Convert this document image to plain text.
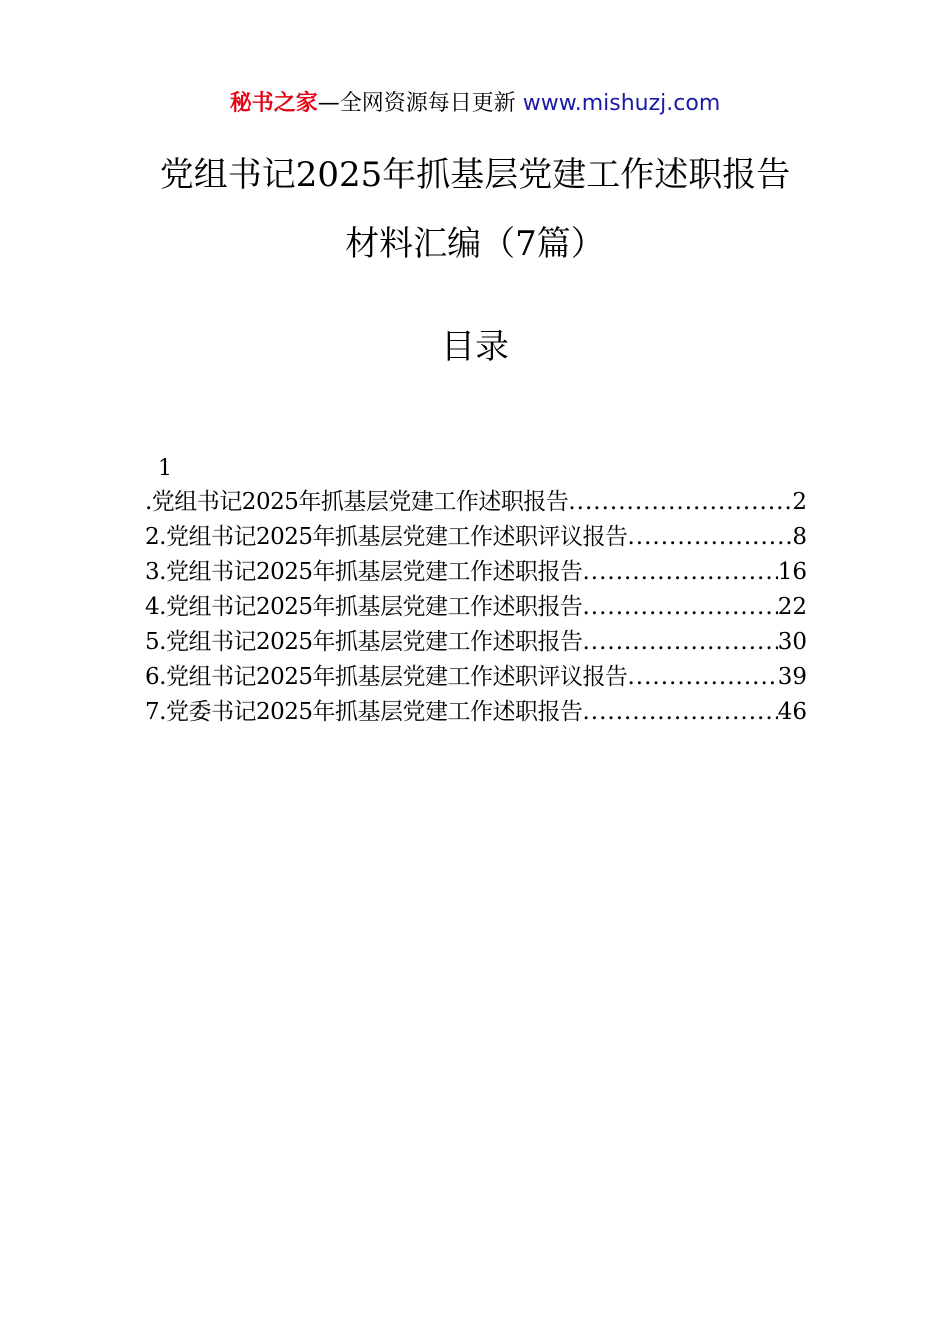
秘书之家—全网资源每日更新 www.mishuzj.com
党组书记2025年抓基层党建工作述职报告
材料汇编（7篇）
目录
1
.党组书记2025年抓基层党建工作述职报告 .....	2
2.党组书记2025年抓基层党建工作述职评议报告 .....	8
3.党组书记2025年抓基层党建工作述职报告 .....	16
4.党组书记2025年抓基层党建工作述职报告 .....	22
5.党组书记2025年抓基层党建工作述职报告 .....	30
6.党组书记2025年抓基层党建工作述职评议报告 .....	39
7.党委书记2025年抓基层党建工作述职报告 .....	46
